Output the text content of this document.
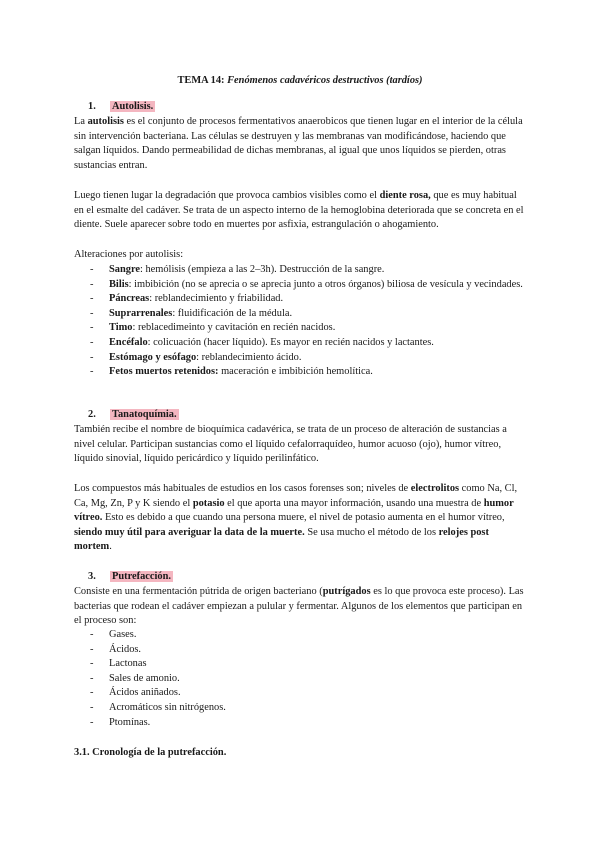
TEMA 14: Fenómenos cadavéricos destructivos (tardíos)
1. Autolisis.

La autolisis es el conjunto de procesos fermentativos anaerobicos que tienen lugar en el interior de la célula sin intervención bacteriana. Las células se destruyen y las membranas van modificándose, haciendo que salgan líquidos. Dando permeabilidad de dichas membranas, al igual que unos líquidos se pierden, otras sustancias entran.

Luego tienen lugar la degradación que provoca cambios visibles como el diente rosa, que es muy habitual en el esmalte del cadáver. Se trata de un aspecto interno de la hemoglobina deteriorada que se concreta en el diente. Suele aparecer sobre todo en muertes por asfixia, estrangulación o ahogamiento.

Alteraciones por autolisis:

- Sangre: hemólisis (empieza a las 2–3h). Destrucción de la sangre.
- Bilis: imbibición (no se aprecia o se aprecia junto a otros órganos) biliosa de vesícula y vecindades.
- Páncreas: reblandecimiento y friabilidad.
- Suprarrenales: fluidificación de la médula.
- Timo: reblacedimeinto y cavitación en recién nacidos.
- Encéfalo: colicuación (hacer líquido). Es mayor en recién nacidos y lactantes.
- Estómago y esófago: reblandecimiento ácido.
- Fetos muertos retenidos: maceración e imbibición hemolítica.
2. Tanatoquímia.

También recibe el nombre de bioquímica cadavérica, se trata de un proceso de alteración de sustancias a nivel celular. Participan sustancias como el líquido cefalorraquídeo, humor acuoso (ojo), humor vítreo, líquido sinovial, líquido pericárdico y líquido perilinfático.

Los compuestos más habituales de estudios en los casos forenses son; niveles de electrolitos como Na, Cl, Ca, Mg, Zn, P y K siendo el potasio el que aporta una mayor información, usando una muestra de humor vítreo. Esto es debido a que cuando una persona muere, el nivel de potasio aumenta en el humor vítreo, siendo muy útil para averiguar la data de la muerte. Se usa mucho el método de los relojes post mortem.

3. Putrefacción.

Consiste en una fermentación pútrida de origen bacteriano (putrígados es lo que provoca este proceso). Las bacterias que rodean el cadáver empiezan a pulular y fermentar. Algunos de los elementos que participan en el proceso son:

- Gases.
- Ácidos.
- Lactonas
- Sales de amonio.
- Ácidos aniñados.
- Acromáticos sin nitrógenos.
- Ptomínas.
3.1. Cronología de la putrefacción.
